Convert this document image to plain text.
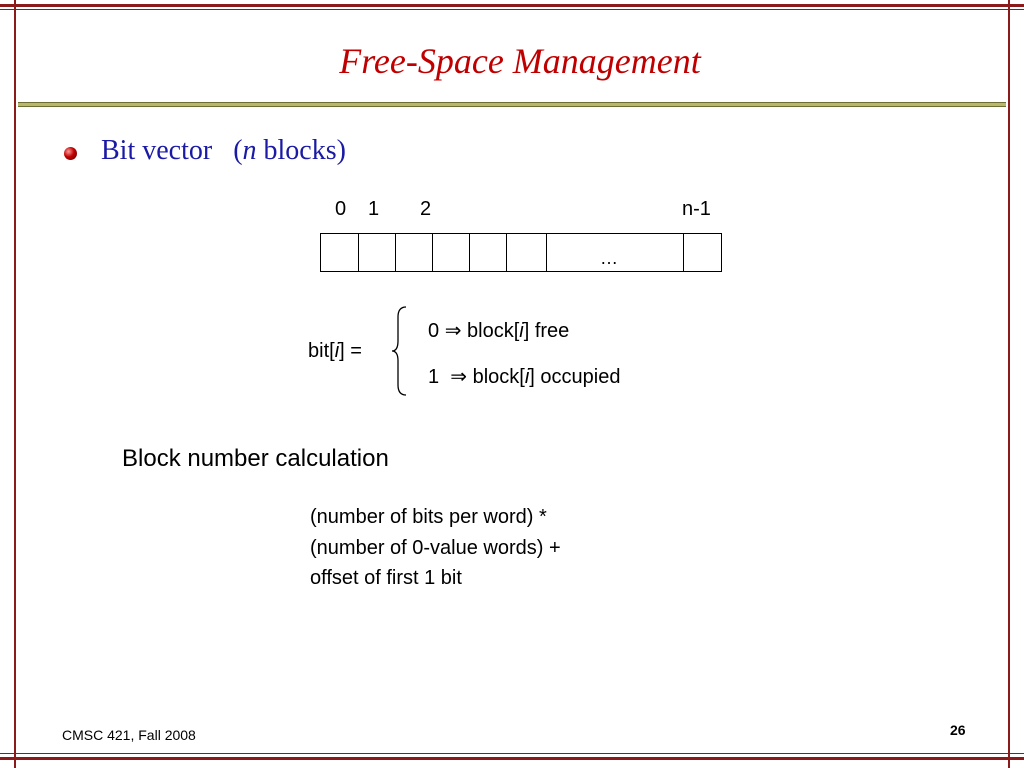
Free-Space Management
Bit vector (n blocks)
0 1 2	n-1
…
bit[i] =
0 ⇒ block[i] free
1  ⇒ block[i] occupied
Block number calculation
(number of bits per word) *
(number of 0-value words) +
offset of first 1 bit
CMSC 421, Fall 2008	26
